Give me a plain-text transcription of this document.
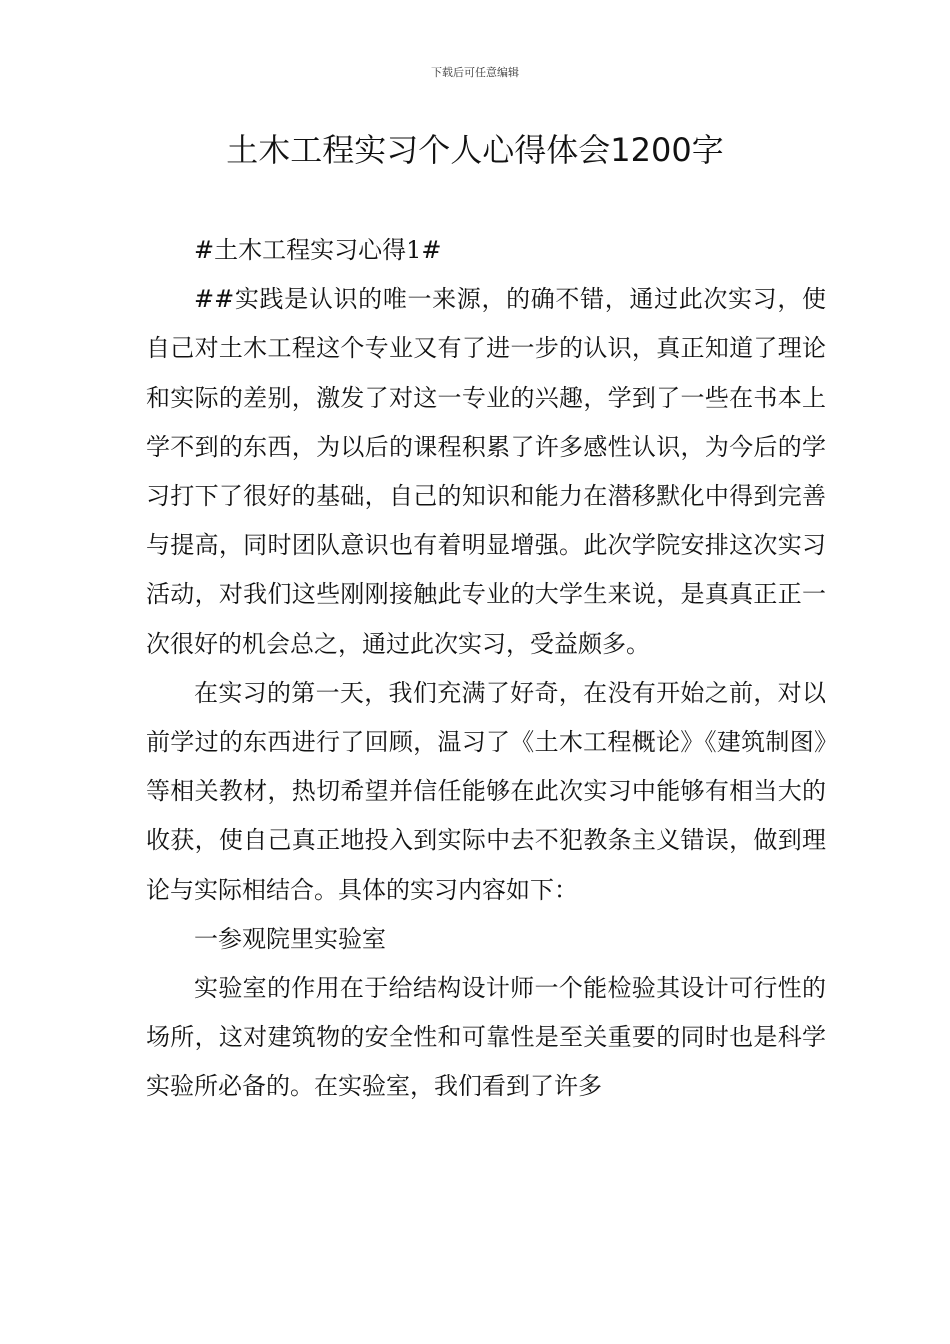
下载后可任意编辑
土木工程实习个人心得体会1200字

#土木工程实习心得1#

##实践是认识的唯一来源，的确不错，通过此次实习，使自己对土木工程这个专业又有了进一步的认识，真正知道了理论和实际的差别，激发了对这一专业的兴趣，学到了一些在书本上学不到的东西，为以后的课程积累了许多感性认识，为今后的学习打下了很好的基础，自己的知识和能力在潜移默化中得到完善与提高，同时团队意识也有着明显增强。此次学院安排这次实习活动，对我们这些刚刚接触此专业的大学生来说，是真真正正一次很好的机会总之，通过此次实习，受益颇多。

在实习的第一天，我们充满了好奇，在没有开始之前，对以前学过的东西进行了回顾，温习了《土木工程概论》《建筑制图》等相关教材，热切希望并信任能够在此次实习中能够有相当大的收获，使自己真正地投入到实际中去不犯教条主义错误，做到理论与实际相结合。具体的实习内容如下：

一参观院里实验室

实验室的作用在于给结构设计师一个能检验其设计可行性的场所，这对建筑物的安全性和可靠性是至关重要的同时也是科学实验所必备的。在实验室，我们看到了许多
